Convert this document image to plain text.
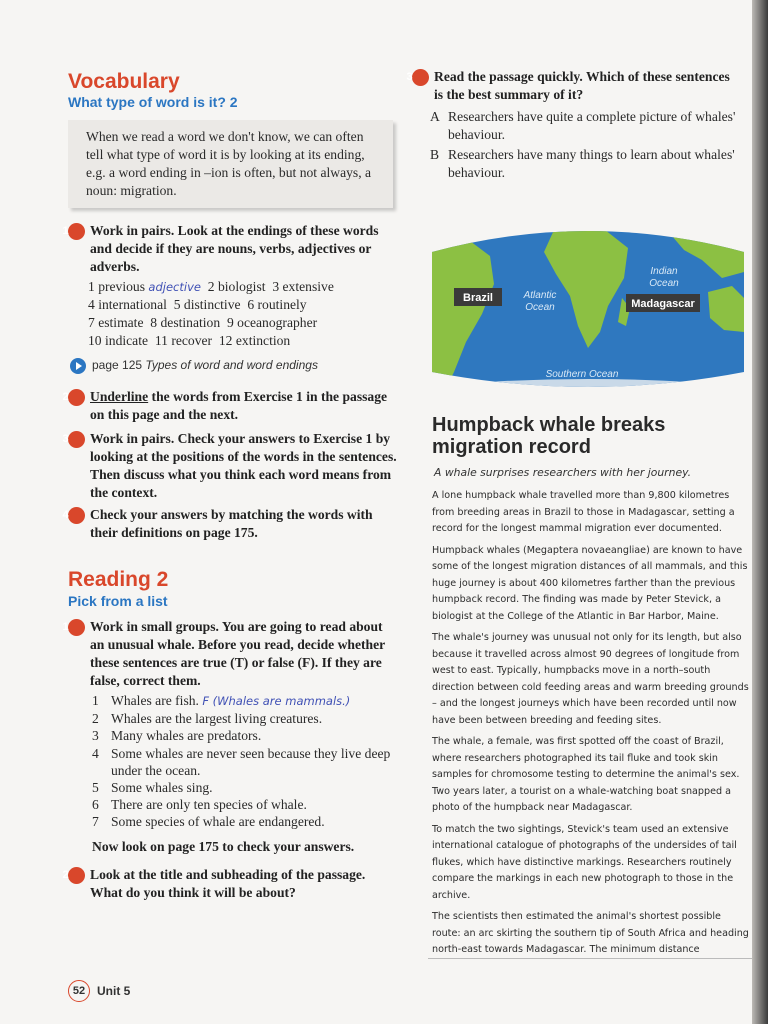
Vocabulary
What type of word is it? 2

When we read a word we don't know, we can often tell what type of word it is by looking at its ending, e.g. a word ending in –ion is often, but not always, a noun: migration.

1 Work in pairs. Look at the endings of these words and decide if they are nouns, verbs, adjectives or adverbs.
1 previous adjective 2 biologist 3 extensive
4 international 5 distinctive 6 routinely
7 estimate 8 destination 9 oceanographer
10 indicate 11 recover 12 extinction

page 125 Types of word and word endings

2 Underline the words from Exercise 1 in the passage on this page and the next.
3 Work in pairs. Check your answers to Exercise 1 by looking at the positions of the words in the sentences. Then discuss what you think each word means from the context.
4 Check your answers by matching the words with their definitions on page 175.
Reading 2
Pick from a list
1 Work in small groups. You are going to read about an unusual whale. Before you read, decide whether these sentences are true (T) or false (F). If they are false, correct them.
1 Whales are fish. F (Whales are mammals.)
2 Whales are the largest living creatures.
3 Many whales are predators.
4 Some whales are never seen because they live deep under the ocean.
5 Some whales sing.
6 There are only ten species of whale.
7 Some species of whale are endangered.

Now look on page 175 to check your answers.

2 Look at the title and subheading of the passage. What do you think it will be about?
52 Unit 5
3 Read the passage quickly. Which of these sentences is the best summary of it?
A Researchers have quite a complete picture of whales' behaviour.
B Researchers have many things to learn about whales' behaviour.
Brazil	Atlantic
Ocean
Indian
Ocean
Madagascar
Southern Ocean
Humpback whale breaks migration record

A whale surprises researchers with her journey.

A lone humpback whale travelled more than 9,800 kilometres from breeding areas in Brazil to those in Madagascar, setting a record for the longest mammal migration ever documented.

Humpback whales (Megaptera novaeangliae) are known to have some of the longest migration distances of all mammals, and this huge journey is about 400 kilometres farther than the previous humpback record. The finding was made by Peter Stevick, a biologist at the College of the Atlantic in Bar Harbor, Maine.

The whale's journey was unusual not only for its length, but also because it travelled across almost 90 degrees of longitude from west to east. Typically, humpbacks move in a north–south direction between cold feeding areas and warm breeding grounds – and the longest journeys which have been recorded until now have been between breeding and feeding sites.

The whale, a female, was first spotted off the coast of Brazil, where researchers photographed its tail fluke and took skin samples for chromosome testing to determine the animal's sex. Two years later, a tourist on a whale-watching boat snapped a photo of the humpback near Madagascar.

To match the two sightings, Stevick's team used an extensive international catalogue of photographs of the undersides of tail flukes, which have distinctive markings. Researchers routinely compare the markings in each new photograph to those in the archive.

The scientists then estimated the animal's shortest possible route: an arc skirting the southern tip of South Africa and heading north-east towards Madagascar. The minimum distance
